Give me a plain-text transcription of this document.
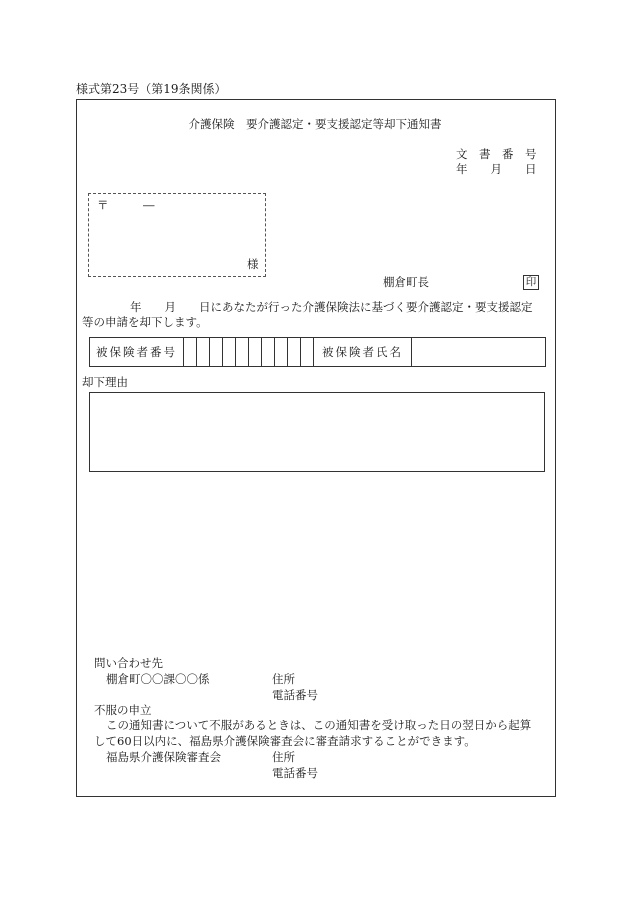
様式第23号（第19条関係）
介護保険　要介護認定・要支援認定等却下通知書
文　書　番　号
年　　月　　日
〒	―
様
棚倉町長	印
年　　月　　日にあなたが行った介護保険法に基づく要介護認定・要支援認定
等の申請を却下します。
被保険者番号											被保険者氏名	
却下理由
問い合わせ先
棚倉町〇〇課〇〇係	住所
電話番号
不服の申立
この通知書について不服があるときは、この通知書を受け取った日の翌日から起算
して60日以内に、福島県介護保険審査会に審査請求することができます。
福島県介護保険審査会	住所
電話番号
